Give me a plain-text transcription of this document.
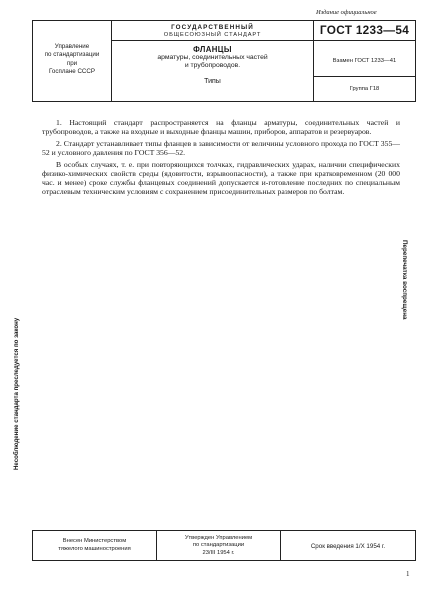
Издание официальное
Управление
по стандартизации
при
Госплане СССР
ГОСУДАРСТВЕННЫЙ
ОБЩЕСОЮЗНЫЙ СТАНДАРТ
ФЛАНЦЫ
арматуры, соединительных частей
и трубопроводов.
Типы
ГОСТ 1233—54
Взамен ГОСТ 1233—41
Группа Г18

1. Настоящий стандарт распространяется на фланцы арматуры, соединительных частей и трубопроводов, а также на входные и выходные фланцы машин, приборов, аппаратов и резервуаров.

2. Стандарт устанавливает типы фланцев в зависимости от величины условного прохода по ГОСТ 355—52 и условного давления по ГОСТ 356—52.

В особых случаях, т. е. при повторяющихся толчках, гидравлических ударах, наличии специфических физико-химических свойств среды (ядовитости, взрывоопасности), а также при кратковременном (20 000 час. и менее) сроке службы фланцевых соединений допускается и-готовление последних по специальным отраслевым техническим условиям с сохранением присоединительных размеров по болтам.

Несоблюдение стандарта преследуется по закону
Перепечатка воспрещена
Внесен Министерством
тяжелого машиностроения
Утвержден Управлением
по стандартизации
23/III 1954 г.
Срок введения 1/X 1954 г.
1
